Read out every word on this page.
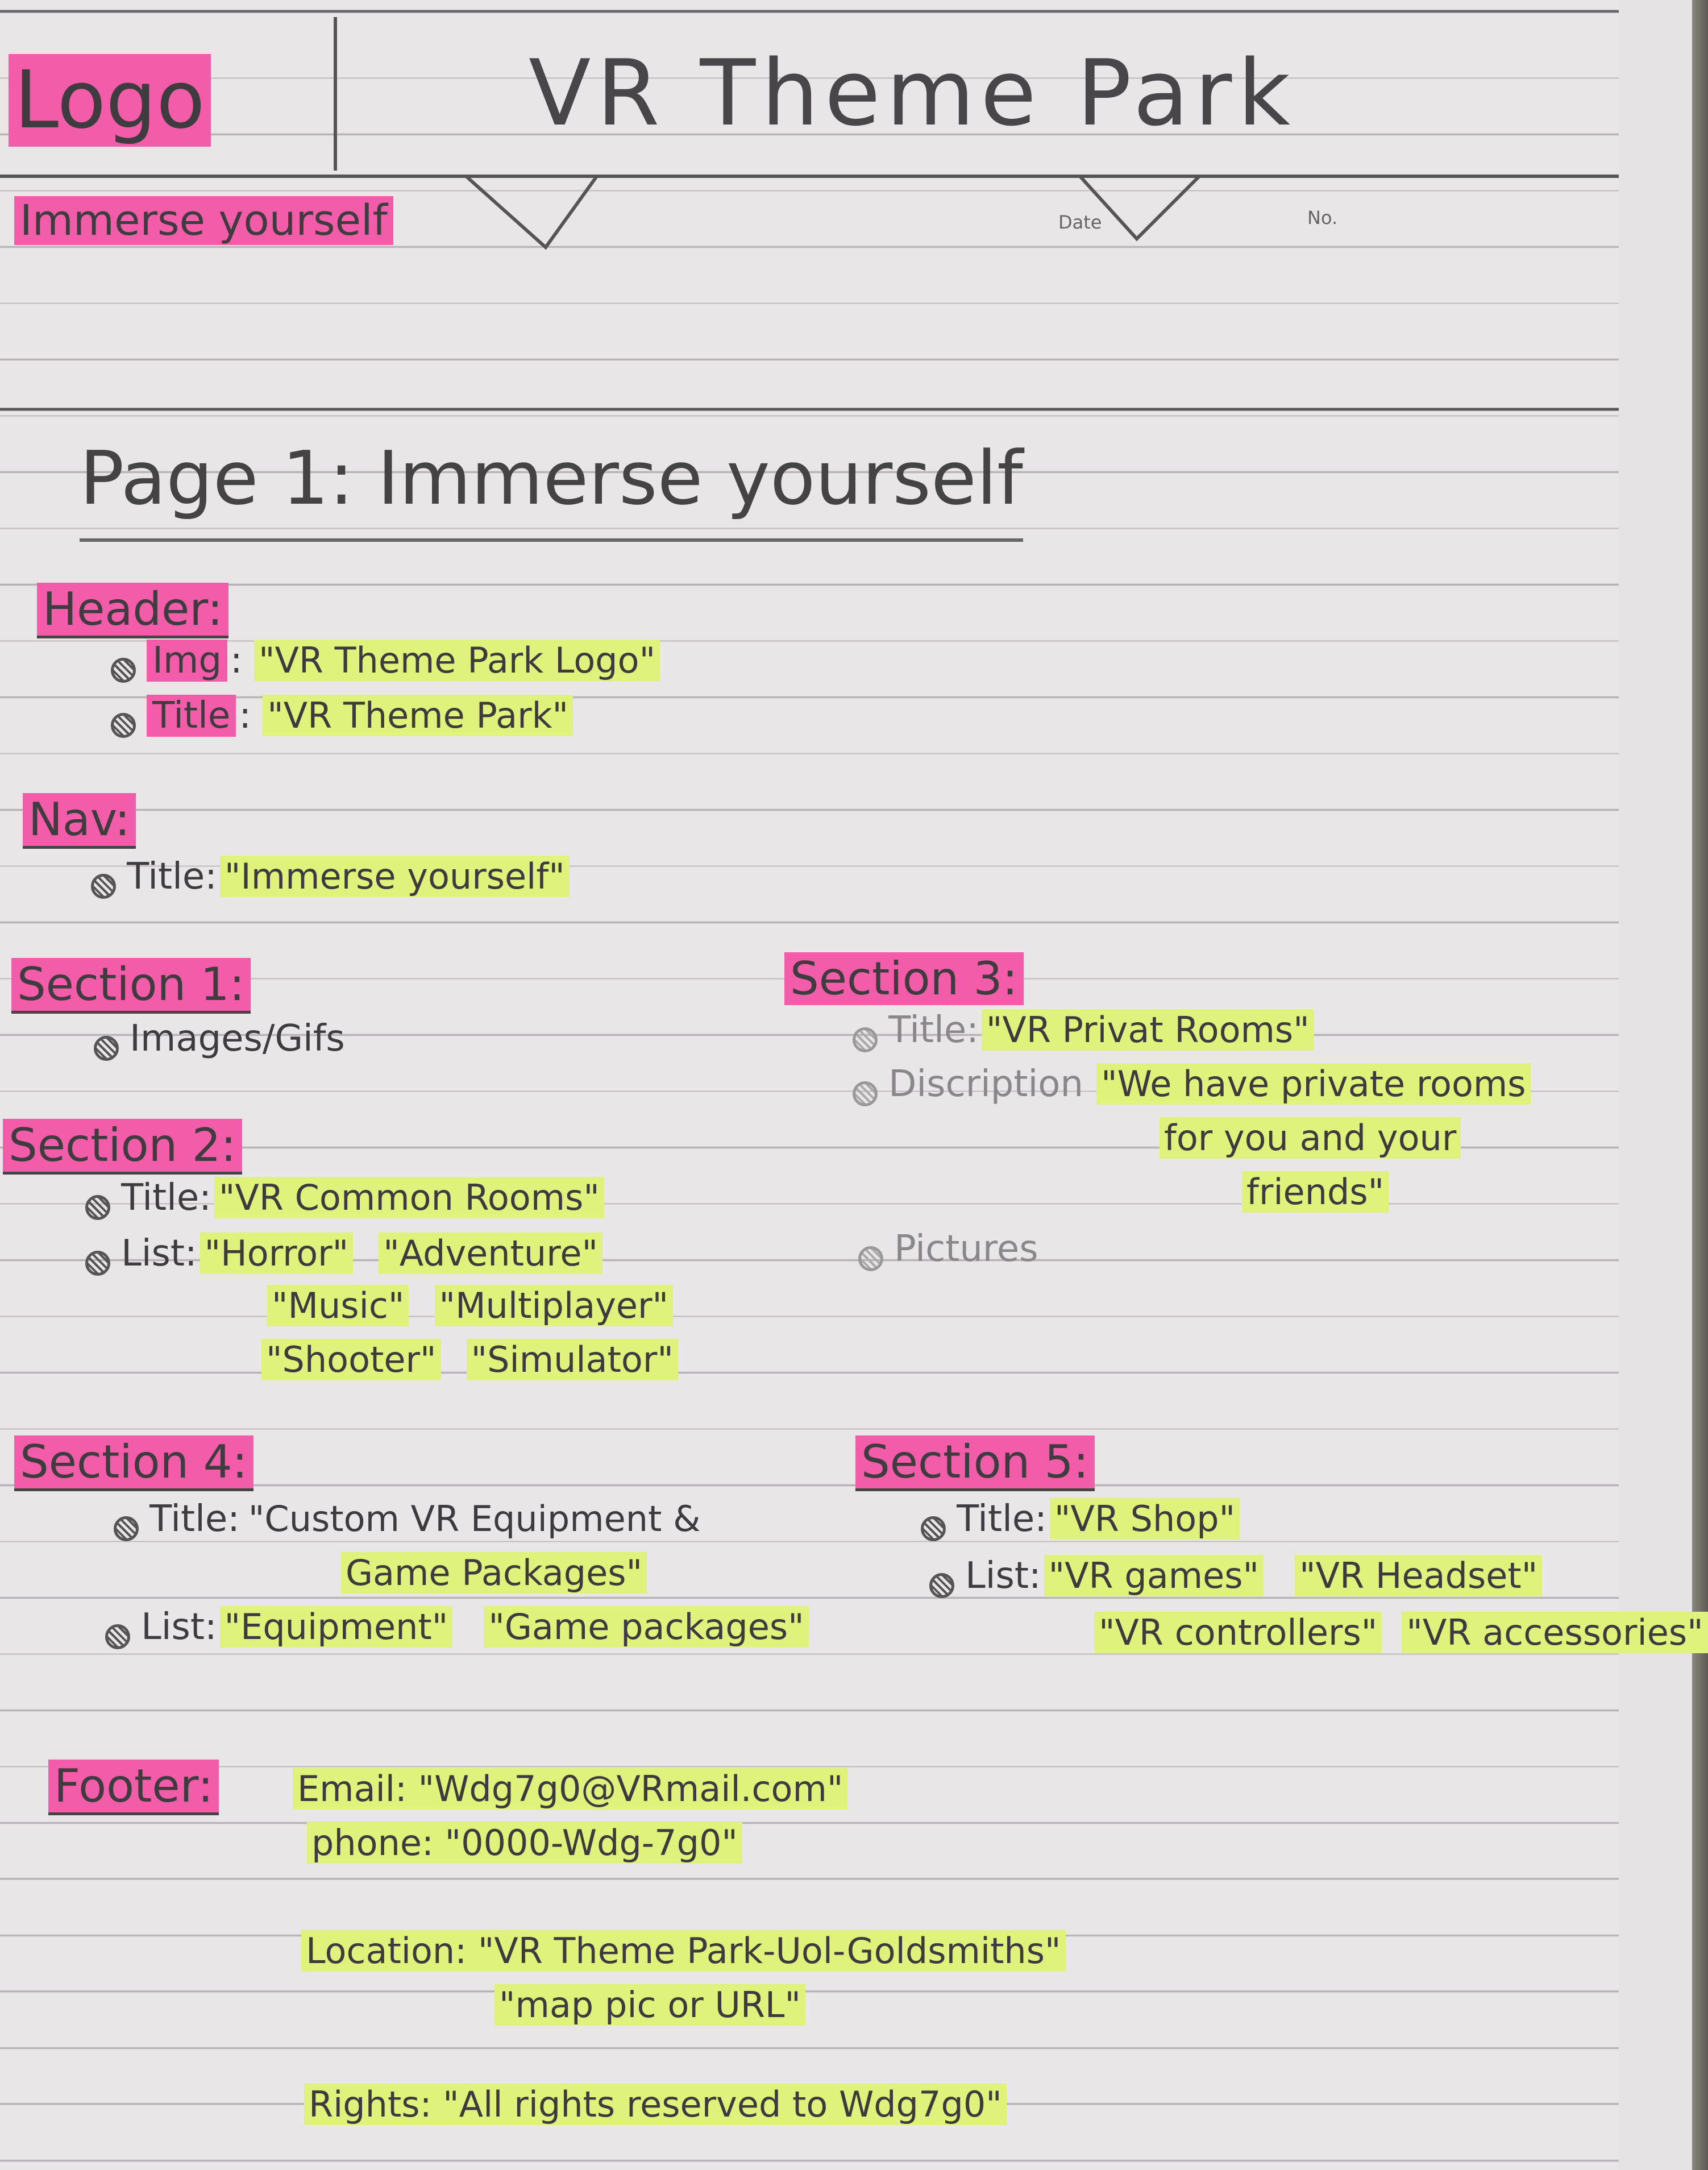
Logo	VR Theme Park
Immerse yourself	Date	No.
Page 1: Immerse yourself
Header:
Img : "VR Theme Park Logo"
Title : "VR Theme Park"
Nav:
Title: "Immerse yourself"
Section 1:
Images/Gifs
Section 2:
Title: "VR Common Rooms"
List: "Horror" "Adventure"
"Music" "Multiplayer"
"Shooter" "Simulator"
Section 3:
Title: "VR Privat Rooms"
Discription "We have private rooms
for you and your
friends"
Pictures
Section 4:
Title: "Custom VR Equipment &
Game Packages"
List: "Equipment" "Game packages"
Section 5:
Title: "VR Shop"
List: "VR games" "VR Headset"
"VR controllers" "VR accessories"
Footer: Email: "Wdg7g0@VRmail.com"
phone: "0000-Wdg-7g0"
Location: "VR Theme Park-Uol-Goldsmiths"
"map pic or URL"
Rights: "All rights reserved to Wdg7g0"
